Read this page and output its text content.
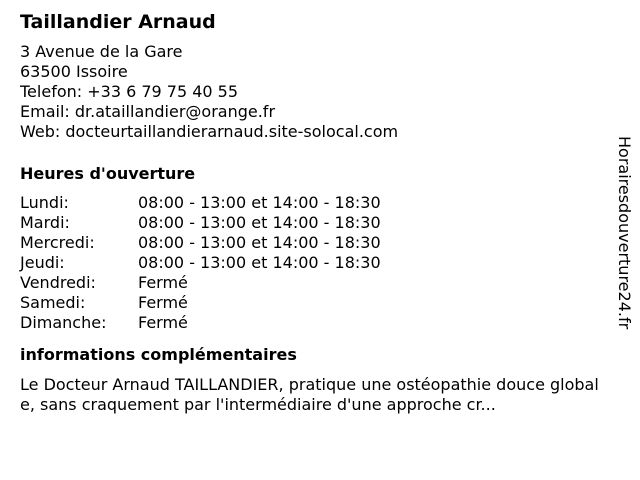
Taillandier Arnaud
3 Avenue de la Gare
63500 Issoire
Telefon: +33 6 79 75 40 55
Email: dr.ataillandier@orange.fr
Web: docteurtaillandierarnaud.site-solocal.com
Heures d'ouverture
Lundi:	08:00 - 13:00 et 14:00 - 18:30
Mardi:	08:00 - 13:00 et 14:00 - 18:30
Mercredi:	08:00 - 13:00 et 14:00 - 18:30
Jeudi:	08:00 - 13:00 et 14:00 - 18:30
Vendredi:	Fermé
Samedi:	Fermé
Dimanche: Fermé
informations complémentaires
Le Docteur Arnaud TAILLANDIER, pratique une ostéopathie douce globale, sans craquement par l'intermédiaire d'une approche cr...
Horairesdouverture24.fr
